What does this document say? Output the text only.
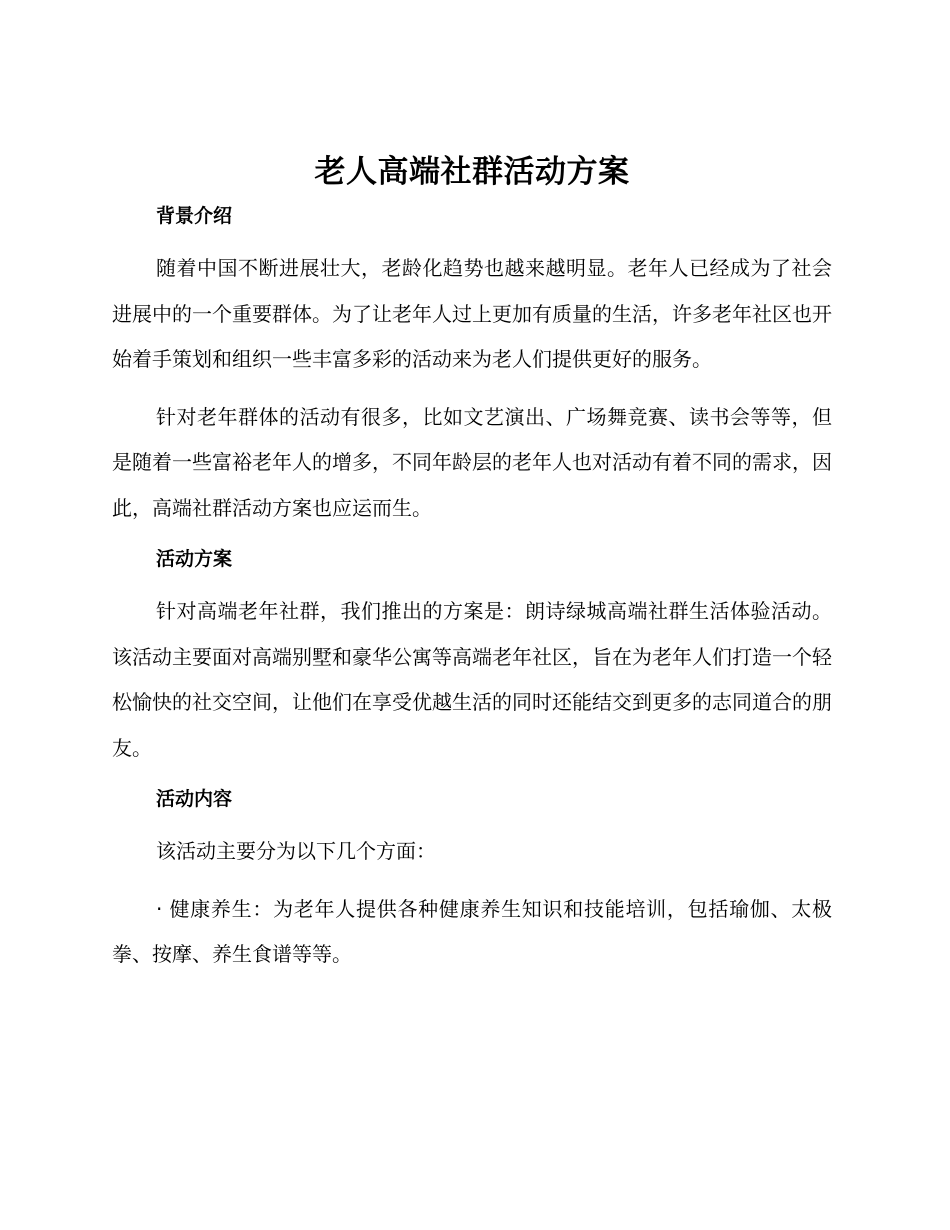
老人高端社群活动方案
背景介绍

随着中国不断进展壮大，老龄化趋势也越来越明显。老年人已经成为了社会进展中的一个重要群体。为了让老年人过上更加有质量的生活，许多老年社区也开始着手策划和组织一些丰富多彩的活动来为老人们提供更好的服务。

针对老年群体的活动有很多，比如文艺演出、广场舞竞赛、读书会等等，但是随着一些富裕老年人的增多，不同年龄层的老年人也对活动有着不同的需求，因此，高端社群活动方案也应运而生。

活动方案

针对高端老年社群，我们推出的方案是：朗诗绿城高端社群生活体验活动。该活动主要面对高端别墅和豪华公寓等高端老年社区，旨在为老年人们打造一个轻松愉快的社交空间，让他们在享受优越生活的同时还能结交到更多的志同道合的朋友。

活动内容

该活动主要分为以下几个方面：

· 健康养生：为老年人提供各种健康养生知识和技能培训，包括瑜伽、太极拳、按摩、养生食谱等等。
